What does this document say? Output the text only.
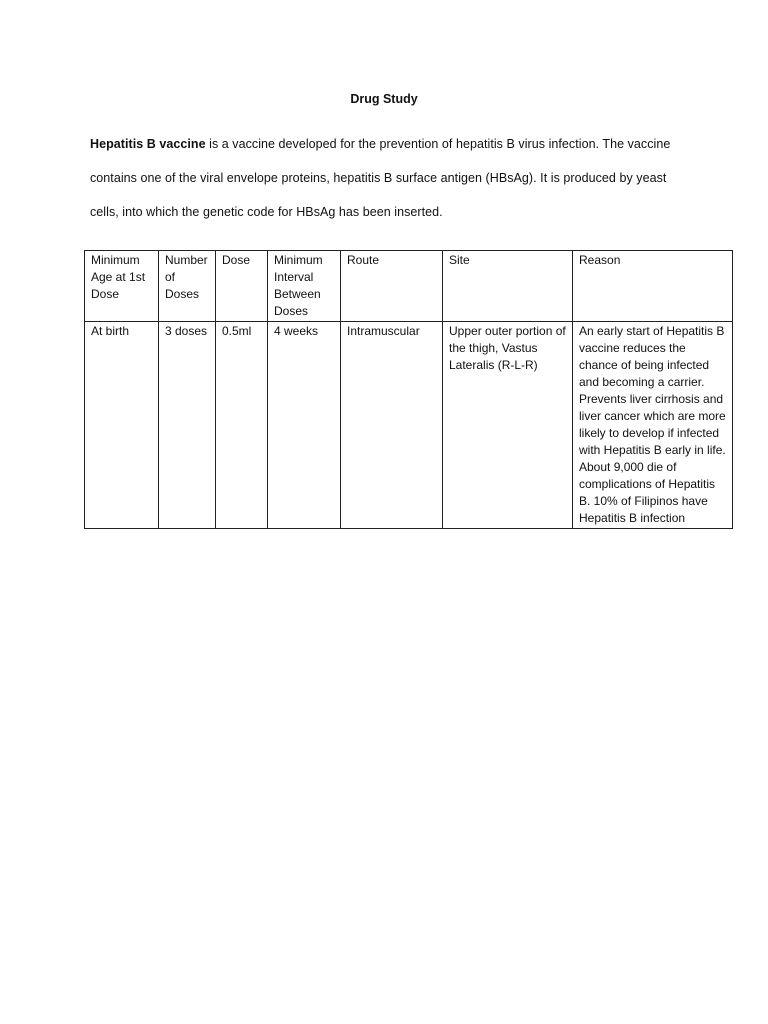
Drug Study
Hepatitis B vaccine is a vaccine developed for the prevention of hepatitis B virus infection. The vaccine
contains one of the viral envelope proteins, hepatitis B surface antigen (HBsAg). It is produced by yeast
cells, into which the genetic code for HBsAg has been inserted.
Minimum Age at 1st Dose	Number of Doses	Dose	Minimum Interval Between Doses	Route	Site	Reason
At birth	3 doses	0.5ml	4 weeks	Intramuscular	Upper outer portion of the thigh, Vastus Lateralis (R-L-R)	An early start of Hepatitis B vaccine reduces the chance of being infected and becoming a carrier. Prevents liver cirrhosis and liver cancer which are more likely to develop if infected with Hepatitis B early in life. About 9,000 die of complications of Hepatitis B. 10% of Filipinos have Hepatitis B infection
